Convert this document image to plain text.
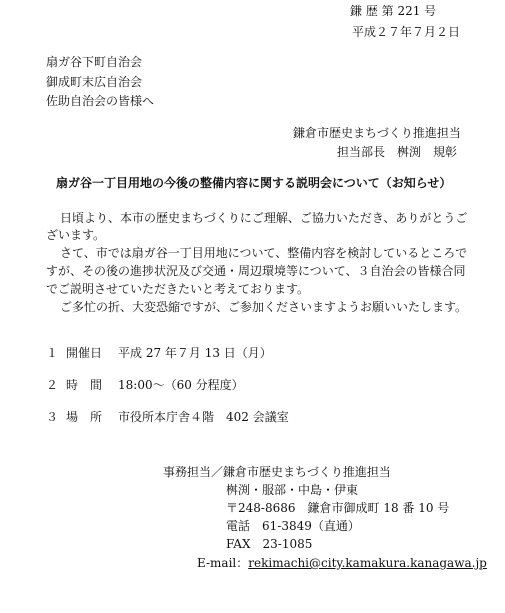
鎌 歴 第 221 号
平成２７年７月２日
扇ガ谷下町自治会
御成町末広自治会
佐助自治会の皆様へ
鎌倉市歴史まちづくり推進担当
担当部長　桝渕　規彰
扇ガ谷一丁目用地の今後の整備内容に関する説明会について（お知らせ）
日頃より、本市の歴史まちづくりにご理解、ご協力いただき、ありがとうご
ざいます。
さて、市では扇ガ谷一丁目用地について、整備内容を検討しているところで
すが、その後の進捗状況及び交通・周辺環境等について、３自治会の皆様合同
でご説明させていただきたいと考えております。
ご多忙の折、大変恐縮ですが、ご参加くださいますようお願いいたします。
１ 開催日 平成 27 年７月 13 日（月）
２ 時　間 18:00～（60 分程度）
３ 場　所 市役所本庁舎４階　402 会議室
事務担当／鎌倉市歴史まちづくり推進担当
桝渕・服部・中島・伊東
〒248-8686　鎌倉市御成町 18 番 10 号
電話　61-3849（直通）
FAX　23-1085
E-mail：rekimachi@city.kamakura.kanagawa.jp
